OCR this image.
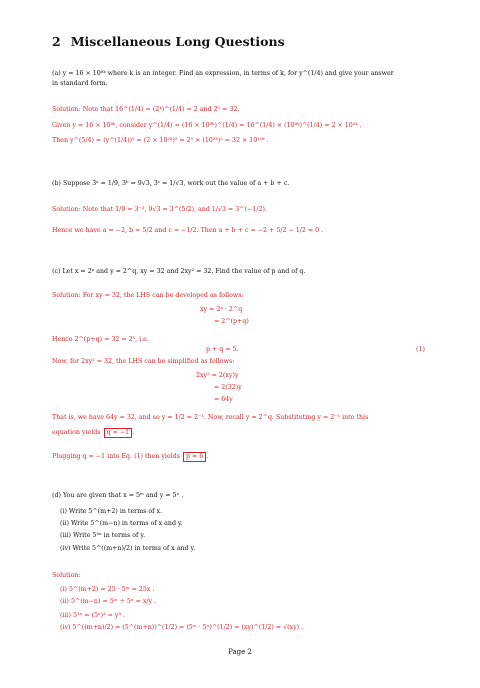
2 Miscellaneous Long Questions
(a) y = 16 × 10⁸ᵏ where k is an integer. Find an expression, in terms of k, for y^(1/4) and give your answer
in standard form.
Solution: Note that 16^(1/4) = (2⁴)^(1/4) = 2 and 2⁵ = 32.
Given y = 16 × 10⁸ᵏ, consider y^(1/4) = (16 × 10⁸ᵏ)^(1/4) = 16^(1/4) × (10⁸ᵏ)^(1/4) = 2 × 10²ᵏ .
Then y^(5/4) = (y^(1/4))⁵ = (2 × 10²ᵏ)⁵ = 2⁵ × (10²ᵏ)⁵ = 32 × 10¹⁰ᵏ .
(b) Suppose 3ᵃ = 1/9, 3ᵇ = 9√3, 3ᶜ = 1/√3, work out the value of a + b + c.
Solution: Note that 1/9 = 3⁻², 9√3 = 3^(5/2), and 1/√3 = 3^(−1/2).
Hence we have a = −2, b = 5/2 and c = −1/2. Then a + b + c = −2 + 5/2 − 1/2 = 0 .
(c) Let x = 2ᵖ and y = 2^q, xy = 32 and 2xy² = 32. Find the value of p and of q.
Solution: For xy = 32, the LHS can be developed as follows:
xy = 2ᵖ · 2^q
= 2^(p+q)
Hence 2^(p+q) = 32 = 2⁵, i.e.
p + q = 5.	(1)
Now, for 2xy² = 32, the LHS can be simplified as follows:
2xy² = 2(xy)y
= 2(32)y
= 64y
That is, we have 64y = 32, and so y = 1/2 = 2⁻¹. Now, recall y = 2^q. Substituting y = 2⁻¹ into this
equation yields q = −1 .
Plugging q = −1 into Eq. (1) then yields p = 6 .
(d) You are given that x = 5ᵐ and y = 5ⁿ .
(i) Write 5^(m+2) in terms of x.
(ii) Write 5^(m−n) in terms of x and y.
(iii) Write 5³ⁿ in terms of y.
(iv) Write 5^((m+n)/2) in terms of x and y.
Solution:
(i) 5^(m+2) = 25 · 5ᵐ = 25x .
(ii) 5^(m−n) = 5ᵐ ÷ 5ⁿ = x/y .
(iii) 5³ⁿ = (5ⁿ)³ = y³ .
(iv) 5^((m+n)/2) = (5^(m+n))^(1/2) = (5ᵐ · 5ⁿ)^(1/2) = (xy)^(1/2) = √(xy) .
Page 2
